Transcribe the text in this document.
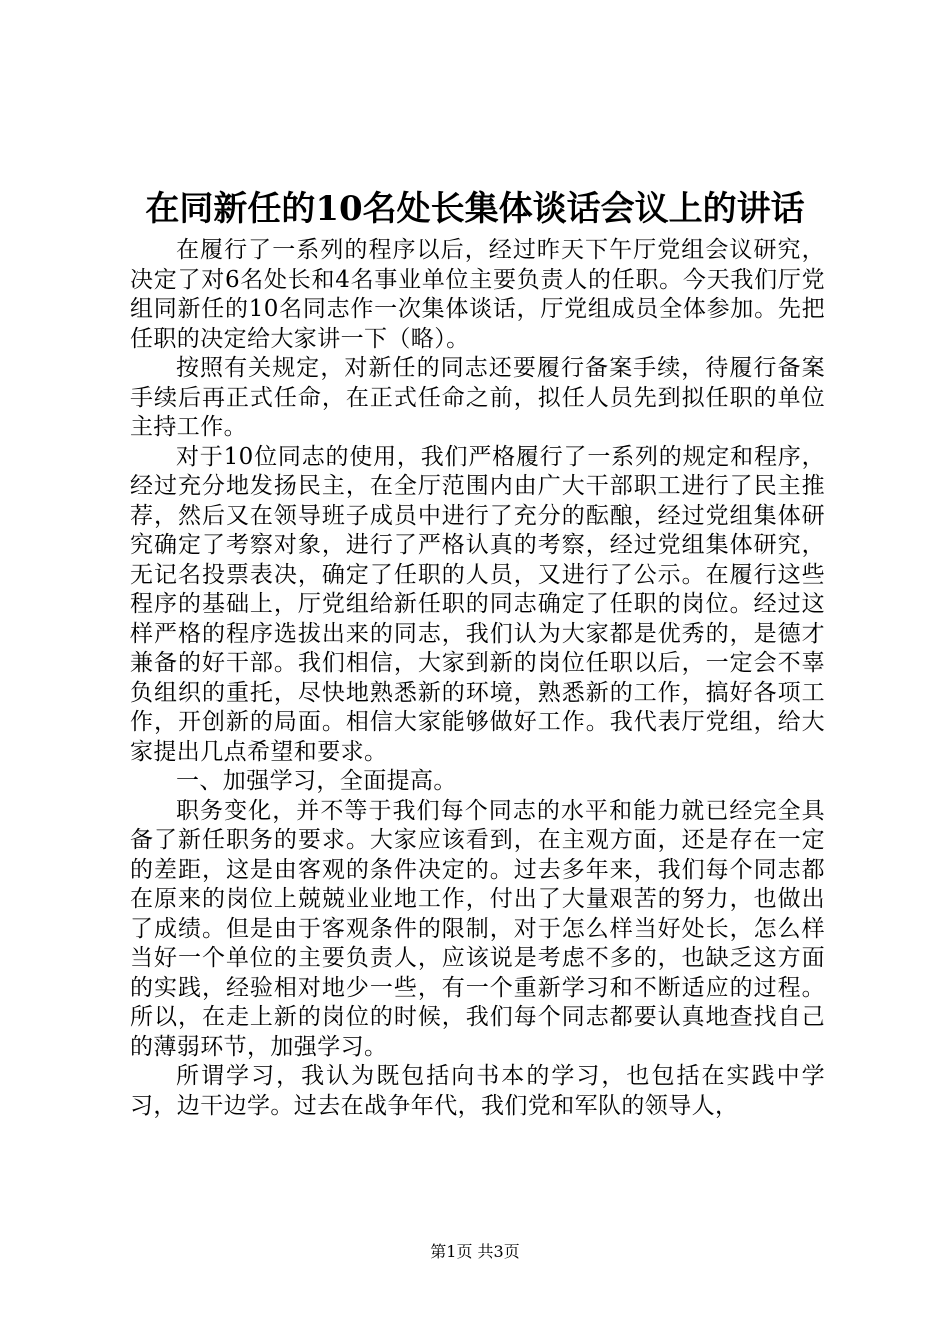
在同新任的10名处长集体谈话会议上的讲话

在履行了一系列的程序以后，经过昨天下午厅党组会议研究，决定了对6名处长和4名事业单位主要负责人的任职。今天我们厅党组同新任的10名同志作一次集体谈话，厅党组成员全体参加。先把任职的决定给大家讲一下（略）。

按照有关规定，对新任的同志还要履行备案手续，待履行备案手续后再正式任命，在正式任命之前，拟任人员先到拟任职的单位主持工作。

对于10位同志的使用，我们严格履行了一系列的规定和程序，经过充分地发扬民主，在全厅范围内由广大干部职工进行了民主推荐，然后又在领导班子成员中进行了充分的酝酿，经过党组集体研究确定了考察对象，进行了严格认真的考察，经过党组集体研究，无记名投票表决，确定了任职的人员，又进行了公示。在履行这些程序的基础上，厅党组给新任职的同志确定了任职的岗位。经过这样严格的程序选拔出来的同志，我们认为大家都是优秀的，是德才兼备的好干部。我们相信，大家到新的岗位任职以后，一定会不辜负组织的重托，尽快地熟悉新的环境，熟悉新的工作，搞好各项工作，开创新的局面。相信大家能够做好工作。我代表厅党组，给大家提出几点希望和要求。

一、加强学习，全面提高。

职务变化，并不等于我们每个同志的水平和能力就已经完全具备了新任职务的要求。大家应该看到，在主观方面，还是存在一定的差距，这是由客观的条件决定的。过去多年来，我们每个同志都在原来的岗位上兢兢业业地工作，付出了大量艰苦的努力，也做出了成绩。但是由于客观条件的限制，对于怎么样当好处长，怎么样当好一个单位的主要负责人，应该说是考虑不多的，也缺乏这方面的实践，经验相对地少一些，有一个重新学习和不断适应的过程。所以，在走上新的岗位的时候，我们每个同志都要认真地查找自己的薄弱环节，加强学习。

所谓学习，我认为既包括向书本的学习，也包括在实践中学习，边干边学。过去在战争年代，我们党和军队的领导人，

第1页 共3页
